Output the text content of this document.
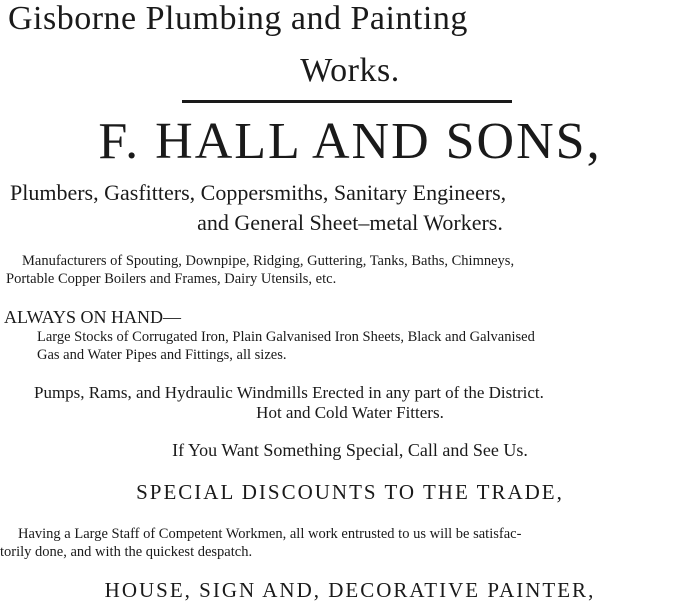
Gisborne Plumbing and Painting
Works.
F. HALL AND SONS,
Plumbers, Gasfitters, Coppersmiths, Sanitary Engineers,
and General Sheet–metal Workers.
Manufacturers of Spouting, Downpipe, Ridging, Guttering, Tanks, Baths, Chimneys,
Portable Copper Boilers and Frames, Dairy Utensils, etc.
ALWAYS ON HAND—
Large Stocks of Corrugated Iron, Plain Galvanised Iron Sheets, Black and Galvanised
Gas and Water Pipes and Fittings, all sizes.
Pumps, Rams, and Hydraulic Windmills Erected in any part of the District.
Hot and Cold Water Fitters.
If You Want Something Special, Call and See Us.
SPECIAL DISCOUNTS TO THE TRADE,
Having a Large Staff of Competent Workmen, all work entrusted to us will be satisfac-
torily done, and with the quickest despatch.
HOUSE, SIGN AND, DECORATIVE PAINTER,
